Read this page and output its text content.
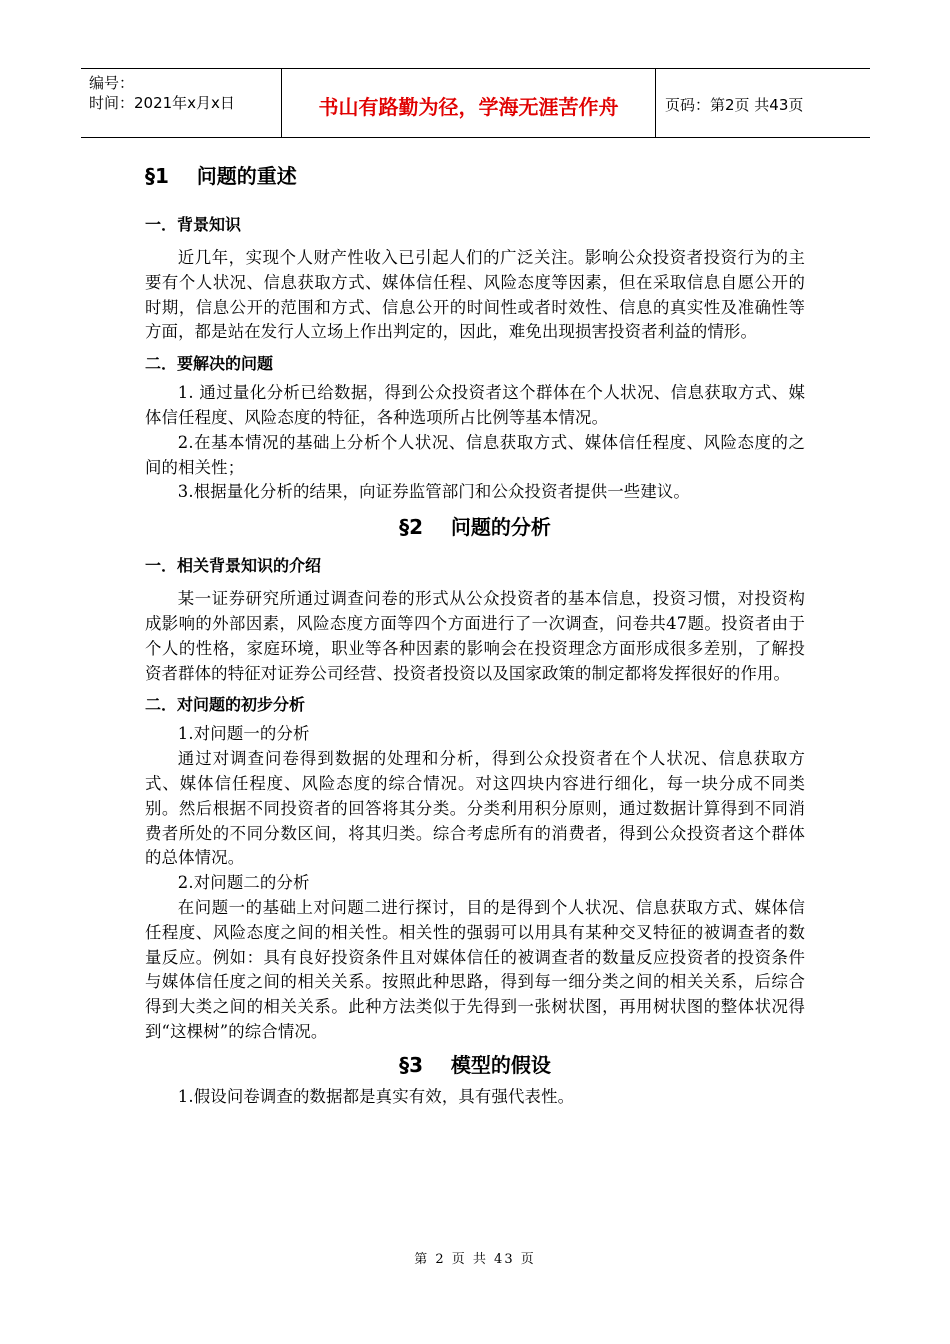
编号：
时间：2021年x月x日	书山有路勤为径，学海无涯苦作舟	页码：第2页 共43页
§1    问题的重述
一．背景知识
近几年，实现个人财产性收入已引起人们的广泛关注。影响公众投资者投资行为的主要有个人状况、信息获取方式、媒体信任程、风险态度等因素，但在采取信息自愿公开的时期，信息公开的范围和方式、信息公开的时间性或者时效性、信息的真实性及准确性等方面，都是站在发行人立场上作出判定的，因此，难免出现损害投资者利益的情形。
二．要解决的问题
1. 通过量化分析已给数据，得到公众投资者这个群体在个人状况、信息获取方式、媒体信任程度、风险态度的特征，各种选项所占比例等基本情况。
2.在基本情况的基础上分析个人状况、信息获取方式、媒体信任程度、风险态度的之间的相关性；
3.根据量化分析的结果，向证券监管部门和公众投资者提供一些建议。
§2    问题的分析
一．相关背景知识的介绍
某一证券研究所通过调查问卷的形式从公众投资者的基本信息，投资习惯，对投资构成影响的外部因素，风险态度方面等四个方面进行了一次调查，问卷共47题。投资者由于个人的性格，家庭环境，职业等各种因素的影响会在投资理念方面形成很多差别，了解投资者群体的特征对证券公司经营、投资者投资以及国家政策的制定都将发挥很好的作用。
二．对问题的初步分析
1.对问题一的分析
通过对调查问卷得到数据的处理和分析，得到公众投资者在个人状况、信息获取方式、媒体信任程度、风险态度的综合情况。对这四块内容进行细化，每一块分成不同类别。然后根据不同投资者的回答将其分类。分类利用积分原则，通过数据计算得到不同消费者所处的不同分数区间，将其归类。综合考虑所有的消费者，得到公众投资者这个群体的总体情况。
2.对问题二的分析
在问题一的基础上对问题二进行探讨，目的是得到个人状况、信息获取方式、媒体信任程度、风险态度之间的相关性。相关性的强弱可以用具有某种交叉特征的被调查者的数量反应。例如：具有良好投资条件且对媒体信任的被调查者的数量反应投资者的投资条件与媒体信任度之间的相关关系。按照此种思路，得到每一细分类之间的相关关系，后综合得到大类之间的相关关系。此种方法类似于先得到一张树状图，再用树状图的整体状况得到“这棵树”的综合情况。
§3    模型的假设
1.假设问卷调查的数据都是真实有效，具有强代表性。
第 2 页 共 43 页
